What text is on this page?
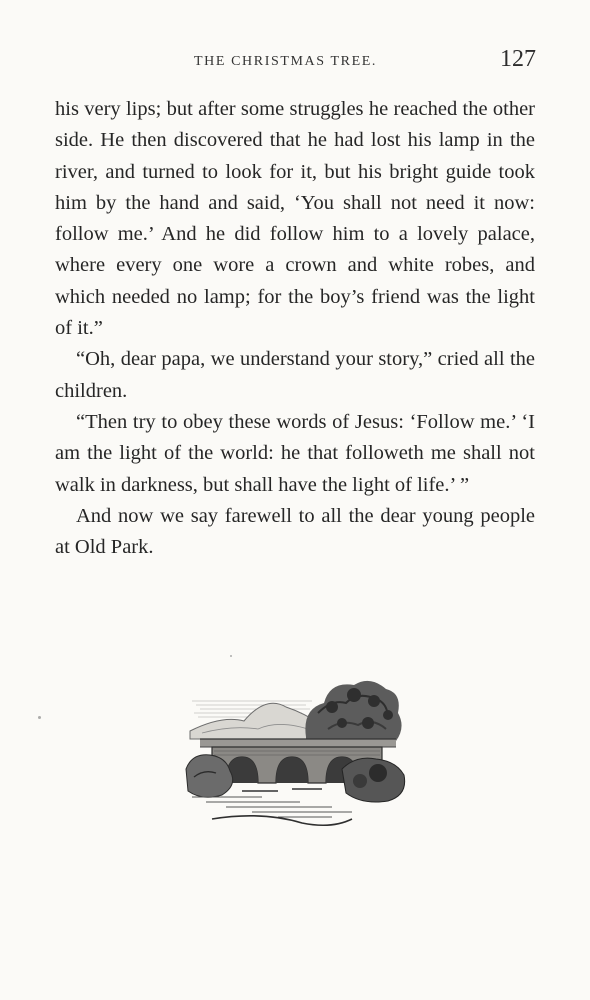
THE CHRISTMAS TREE.	127

his very lips; but after some struggles he reached the other side. He then discovered that he had lost his lamp in the river, and turned to look for it, but his bright guide took him by the hand and said, ‘You shall not need it now: follow me.’ And he did follow him to a lovely palace, where every one wore a crown and white robes, and which needed no lamp; for the boy’s friend was the light of it.”

“Oh, dear papa, we understand your story,” cried all the children.

“Then try to obey these words of Jesus: ‘Follow me.’ ‘I am the light of the world: he that followeth me shall not walk in darkness, but shall have the light of life.’ ”

And now we say farewell to all the dear young people at Old Park.
